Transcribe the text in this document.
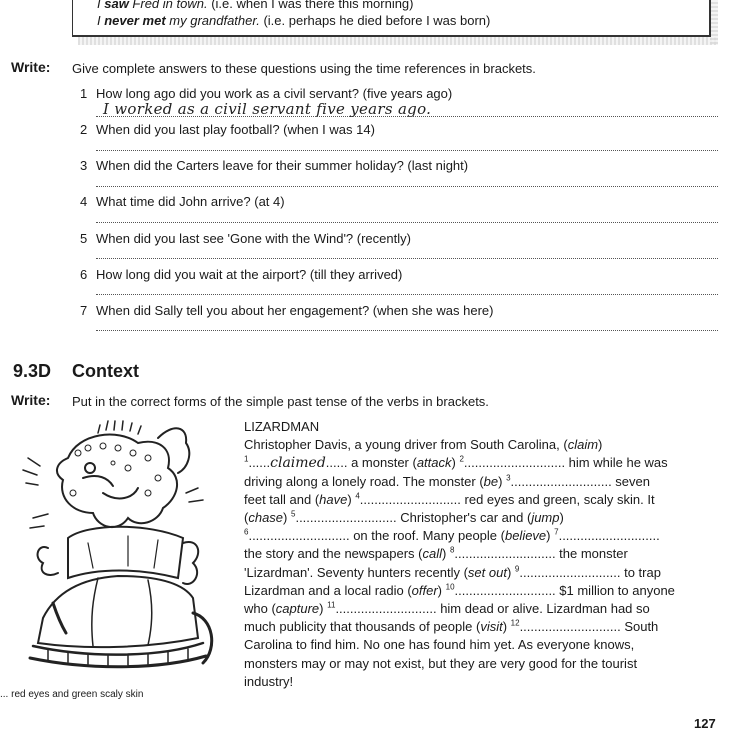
I saw Fred in town. (i.e. when I was there this morning)
I never met my grandfather. (i.e. perhaps he died before I was born)
Write: Give complete answers to these questions using the time references in brackets.
1 How long ago did you work as a civil servant? (five years ago)
I worked as a civil servant five years ago.
2 When did you last play football? (when I was 14)
3 When did the Carters leave for their summer holiday? (last night)
4 What time did John arrive? (at 4)
5 When did you last see 'Gone with the Wind'? (recently)
6 How long did you wait at the airport? (till they arrived)
7 When did Sally tell you about her engagement? (when she was here)
9.3D Context
Write: Put in the correct forms of the simple past tense of the verbs in brackets.
... red eyes and green scaly skin
LIZARDMAN
Christopher Davis, a young driver from South Carolina, (claim)
$^1$......claimed...... a monster (attack) $^2$............................ him while he was
driving along a lonely road. The monster (be) $^3$............................ seven
feet tall and (have) $^4$............................ red eyes and green, scaly skin. It
(chase) $^5$............................ Christopher's car and (jump)
$^6$............................ on the roof. Many people (believe) $^7$............................
the story and the newspapers (call) $^8$............................ the monster
'Lizardman'. Seventy hunters recently (set out) $^9$............................ to trap
Lizardman and a local radio (offer) $^{10}$............................ $1 million to anyone
who (capture) $^{11}$............................ him dead or alive. Lizardman had so
much publicity that thousands of people (visit) $^{12}$............................ South
Carolina to find him. No one has found him yet. As everyone knows,
monsters may or may not exist, but they are very good for the tourist
industry!
127
